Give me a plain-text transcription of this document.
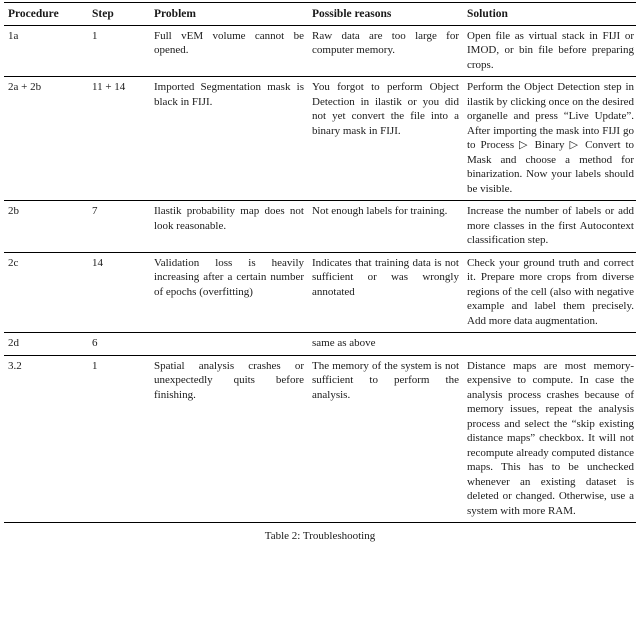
Procedure	Step	Problem	Possible reasons	Solution
1a	1	Full vEM volume cannot be opened.	Raw data are too large for computer memory.	Open file as virtual stack in FIJI or IMOD, or bin file before preparing crops.
2a + 2b	11 + 14	Imported Segmentation mask is black in FIJI.	You forgot to perform Object Detection in ilastik or you did not yet convert the file into a binary mask in FIJI.	Perform the Object Detection step in ilastik by clicking once on the desired organelle and press “Live Update”. After importing the mask into FIJI go to Process ▷ Binary ▷ Convert to Mask and choose a method for binarization. Now your labels should be visible.
2b	7	Ilastik probability map does not look reasonable.	Not enough labels for training.	Increase the number of labels or add more classes in the first Autocontext classification step.
2c	14	Validation loss is heavily increasing after a certain number of epochs (overfitting)	Indicates that training data is not sufficient or was wrongly annotated	Check your ground truth and correct it. Prepare more crops from diverse regions of the cell (also with negative example and label them precisely. Add more data augmentation.
2d	6		same as above	
3.2	1	Spatial analysis crashes or unexpectedly quits before finishing.	The memory of the system is not sufficient to perform the analysis.	Distance maps are most memory-expensive to compute. In case the analysis process crashes because of memory issues, repeat the analysis process and select the “skip existing distance maps” checkbox. It will not recompute already computed distance maps. This has to be unchecked whenever an existing dataset is deleted or changed. Otherwise, use a system with more RAM.
Table 2: Troubleshooting
